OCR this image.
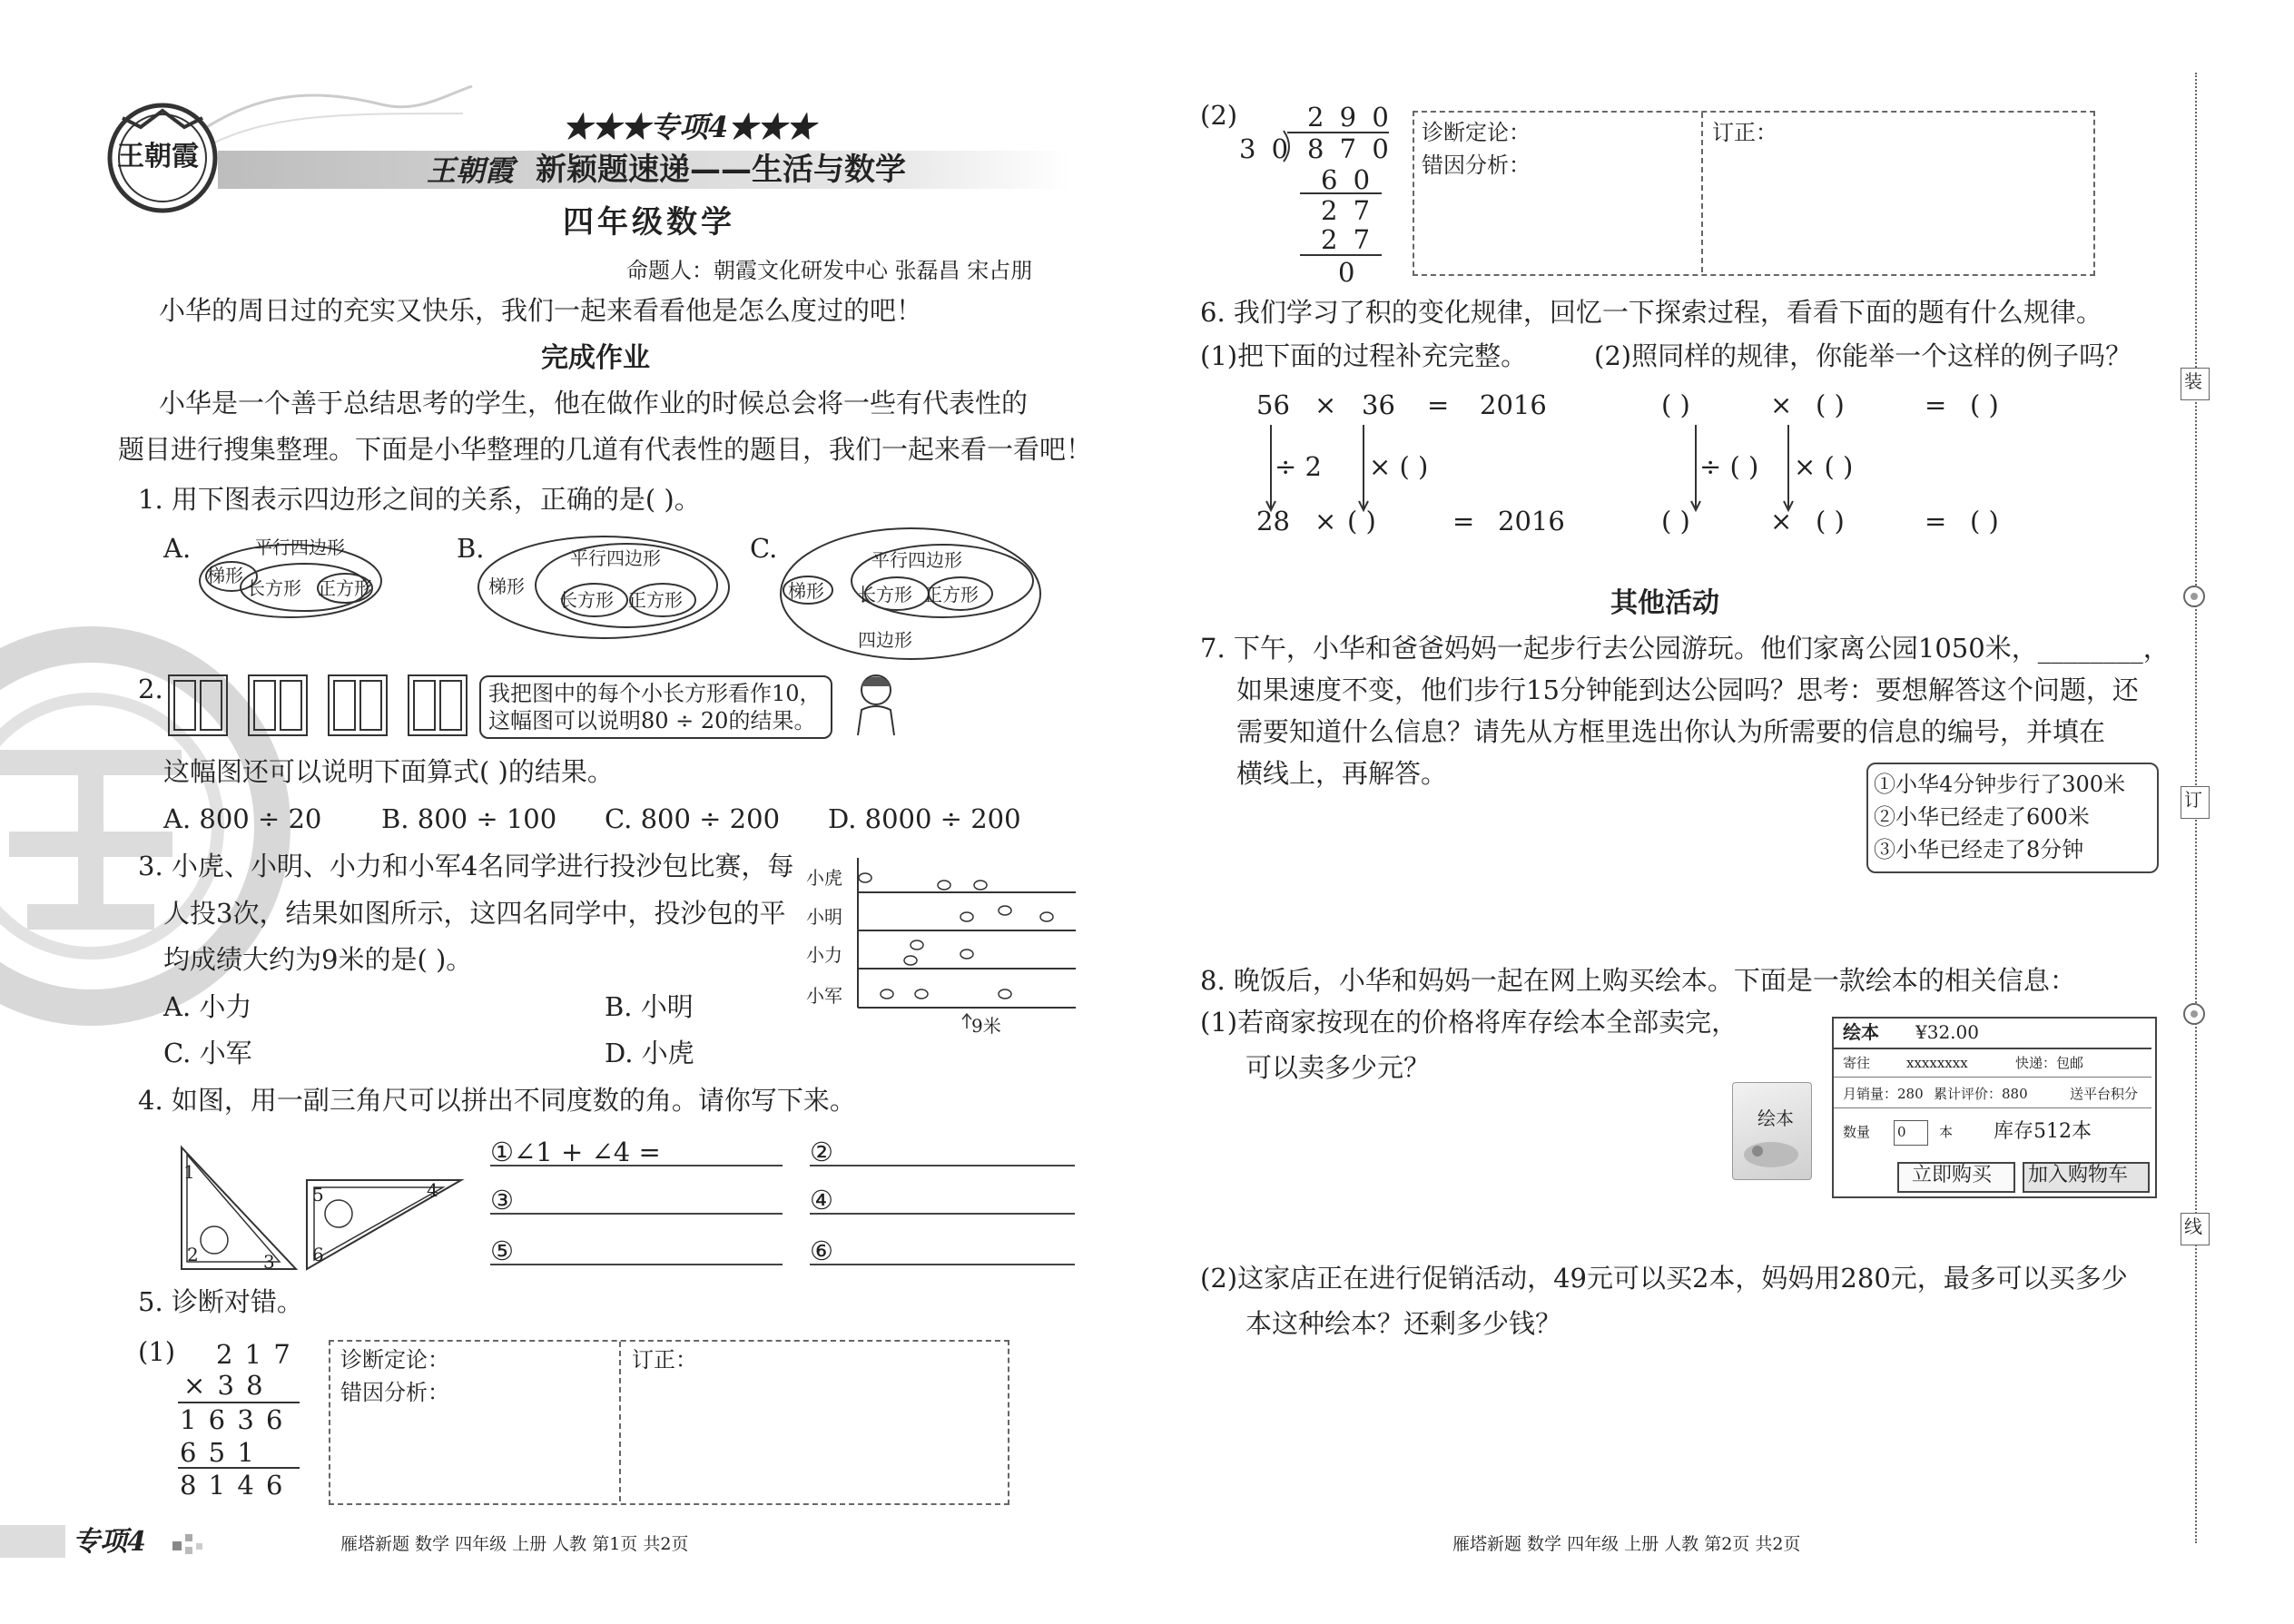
王朝霞
★★★专项4★★★
王朝霞 新颖题速递——生活与数学
四年级数学
命题人：朝霞文化研发中心 张磊昌 宋占朋
小华的周日过的充实又快乐，我们一起来看看他是怎么度过的吧！
完成作业
小华是一个善于总结思考的学生，他在做作业的时候总会将一些有代表性的
题目进行搜集整理。下面是小华整理的几道有代表性的题目，我们一起来看一看吧！
1. 用下图表示四边形之间的关系，正确的是( )。
A.	B.	C.
梯形
平行四边形
长方形 正方形	梯形
平行四边形
长方形 正方形	梯形
平行四边形
长方形 正方形
四边形
2.	我把图中的每个小长方形看作10，
这幅图可以说明80 ÷ 20的结果。
这幅图还可以说明下面算式( )的结果。
A. 800 ÷ 20 B. 800 ÷ 100 C. 800 ÷ 200 D. 8000 ÷ 200
3. 小虎、小明、小力和小军4名同学进行投沙包比赛，每
人投3次，结果如图所示，这四名同学中，投沙包的平
均成绩大约为9米的是( )。
A. 小力	B. 小明
C. 小军	D. 小虎
小虎
小明
小力
小军
9米
4. 如图，用一副三角尺可以拼出不同度数的角。请你写下来。
1
2	3
4
5
6
①∠1 + ∠4 =	②
③	④
⑤	⑥
5. 诊断对错。
(1) 2 1 7
× 3 8
1 6 3 6
6 5 1
8 1 4 6
诊断定论：
错因分析：
订正：
专项4	雁塔新题 数学 四年级 上册 人教 第1页 共2页
(2)	2 9 0
3 0 8 7 0
6 0
2 7
2 7
0
诊断定论：
错因分析：
订正：
6. 我们学习了积的变化规律，回忆一下探索过程，看看下面的题有什么规律。
(1)把下面的过程补充完整。	(2)照同样的规律，你能举一个这样的例子吗？
56 × 36 = 2016
÷ 2 × ( )
28 × ( )	= 2016
( )	× ( )	= ( )
÷ ( ) × ( )
( )	× ( )	= ( )
其他活动
7. 下午，小华和爸爸妈妈一起步行去公园游玩。他们家离公园1050米，________，
如果速度不变，他们步行15分钟能到达公园吗？思考：要想解答这个问题，还
需要知道什么信息？请先从方框里选出你认为所需要的信息的编号，并填在
横线上，再解答。	①小华4分钟步行了300米
②小华已经走了600米
③小华已经走了8分钟
8. 晚饭后，小华和妈妈一起在网上购买绘本。下面是一款绘本的相关信息：
(1)若商家按现在的价格将库存绘本全部卖完，
可以卖多少元？
绘本
绘本 ¥32.00
寄往	xxxxxxxx	快递：包邮
月销量：280 累计评价：880	送平台积分
数量 0 本 库存512本
立即购买 加入购物车
(2)这家店正在进行促销活动，49元可以买2本，妈妈用280元，最多可以买多少
本这种绘本？还剩多少钱？
雁塔新题 数学 四年级 上册 人教 第2页 共2页
装
订
线
